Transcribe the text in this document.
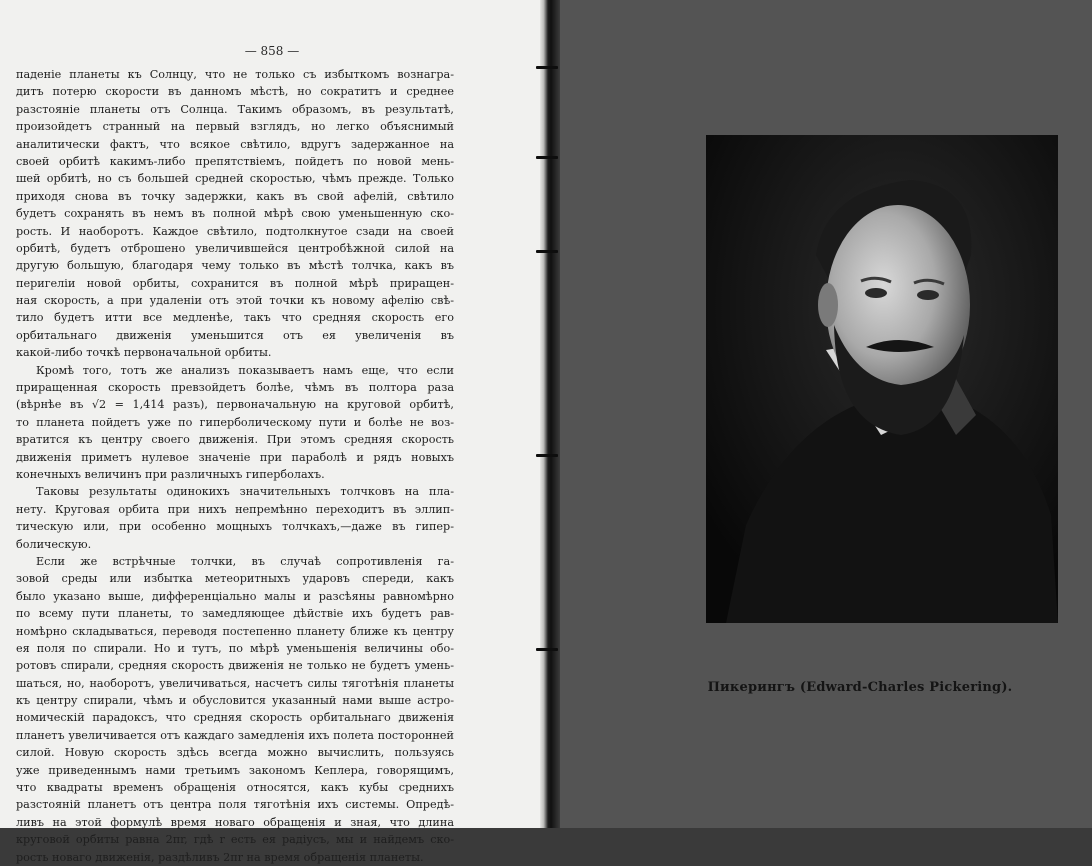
— 858 —
паденіе планеты къ Солнцу, что не только съ избыткомъ вознагра-
дитъ потерю скорости въ данномъ мѣстѣ, но сократитъ и среднее
разстояніе планеты отъ Солнца. Такимъ образомъ, въ результатѣ,
произойдетъ странный на первый взглядъ, но легко объяснимый
аналитически фактъ, что всякое свѣтило, вдругъ задержанное на
своей орбитѣ какимъ-либо препятствіемъ, пойдетъ по новой мень-
шей орбитѣ, но съ большей средней скоростью, чѣмъ прежде. Только
приходя снова въ точку задержки, какъ въ свой афелій, свѣтило
будетъ сохранять въ немъ въ полной мѣрѣ свою уменьшенную ско-
рость. И наоборотъ. Каждое свѣтило, подтолкнутое сзади на своей
орбитѣ, будетъ отброшено увеличившейся центробѣжной силой на
другую большую, благодаря чему только въ мѣстѣ толчка, какъ въ
перигеліи новой орбиты, сохранится въ полной мѣрѣ приращен-
ная скорость, а при удаленіи отъ этой точки къ новому афелію свѣ-
тило будетъ итти все медленѣе, такъ что средняя скорость его
орбитальнаго движенія уменьшится отъ ея увеличенія въ
какой-либо точкѣ первоначальной орбиты.
Кромѣ того, тотъ же анализъ показываетъ намъ еще, что если
приращенная скорость превзойдетъ болѣе, чѣмъ въ полтора раза
(вѣрнѣе въ √2 = 1,414 разъ), первоначальную на круговой орбитѣ,
то планета пойдетъ уже по гиперболическому пути и болѣе не воз-
вратится къ центру своего движенія. При этомъ средняя скорость
движенія приметъ нулевое значеніе при параболѣ и рядъ новыхъ
конечныхъ величинъ при различныхъ гиперболахъ.
Таковы результаты одинокихъ значительныхъ толчковъ на пла-
нету. Круговая орбита при нихъ непремѣнно переходитъ въ эллип-
тическую или, при особенно мощныхъ толчкахъ,—даже въ гипер-
болическую.
Если же встрѣчные толчки, въ случаѣ сопротивленія га-
зовой среды или избытка метеоритныхъ ударовъ спереди, какъ
было указано выше, дифференціально малы и разсѣяны равномѣрно
по всему пути планеты, то замедляющее дѣйствіе ихъ будетъ рав-
номѣрно складываться, переводя постепенно планету ближе къ центру
ея поля по спирали. Но и тутъ, по мѣрѣ уменьшенія величины обо-
ротовъ спирали, средняя скорость движенія не только не будетъ умень-
шаться, но, наоборотъ, увеличиваться, насчетъ силы тяготѣнія планеты
къ центру спирали, чѣмъ и обусловится указанный нами выше астро-
номическій парадоксъ, что средняя скорость орбитальнаго движенія
планетъ увеличивается отъ каждаго замедленія ихъ полета посторонней
силой. Новую скорость здѣсь всегда можно вычислить, пользуясь
уже приведеннымъ нами третьимъ закономъ Кеплера, говорящимъ,
что квадраты временъ обращенія относятся, какъ кубы среднихъ
разстояній планетъ отъ центра поля тяготѣнія ихъ системы. Опредѣ-
ливъ на этой формулѣ время новаго обращенія и зная, что длина
круговой орбиты равна 2πr, гдѣ r есть ея радіусъ, мы и найдемъ ско-
рость новаго движенія, раздѣливъ 2πr на время обращенія планеты.
Пикерингъ (Edward-Charles Pickering).
